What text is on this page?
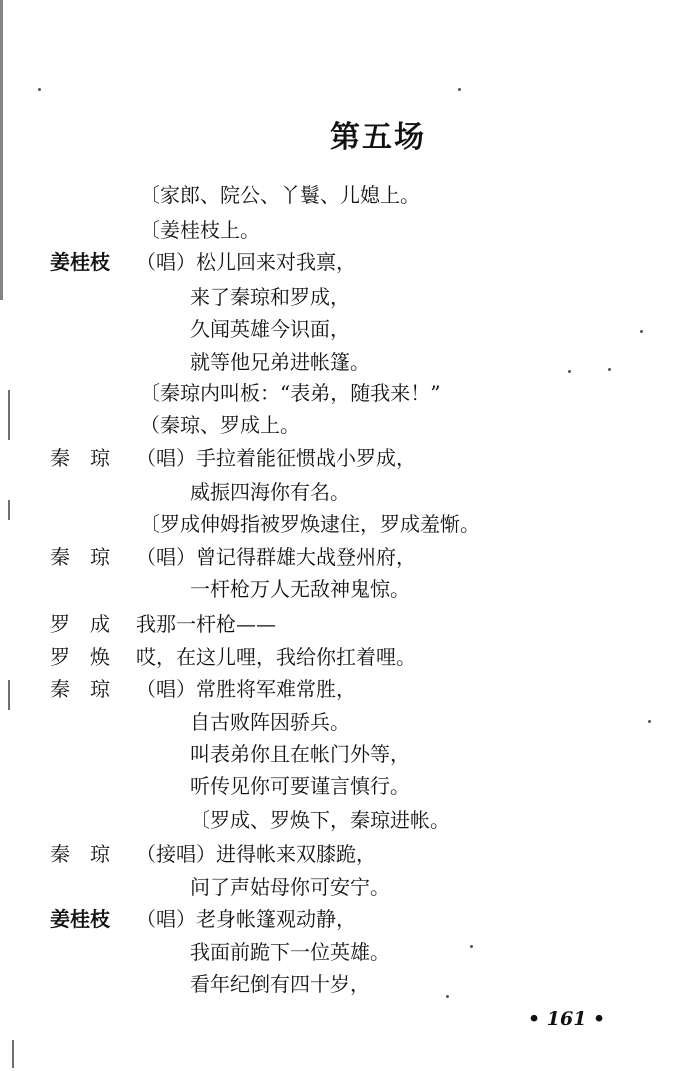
第五场
〔家郎、院公、丫鬟、儿媳上。
〔姜桂枝上。
姜桂枝 （唱）松儿回来对我禀，
来了秦琼和罗成，
久闻英雄今识面，
就等他兄弟进帐篷。
〔秦琼内叫板：“表弟，随我来！”
（秦琼、罗成上。
秦　琼 （唱）手拉着能征惯战小罗成，
威振四海你有名。
〔罗成伸姆指被罗焕逮住，罗成羞惭。
秦　琼 （唱）曾记得群雄大战登州府，
一杆枪万人无敌神鬼惊。
罗　成 我那一杆枪——
罗　焕 哎，在这儿哩，我给你扛着哩。
秦　琼 （唱）常胜将军难常胜，
自古败阵因骄兵。
叫表弟你且在帐门外等，
听传见你可要谨言慎行。
〔罗成、罗焕下，秦琼进帐。
秦　琼 （接唱）进得帐来双膝跪，
问了声姑母你可安宁。
姜桂枝 （唱）老身帐篷观动静，
我面前跪下一位英雄。
看年纪倒有四十岁，
• 161 •
